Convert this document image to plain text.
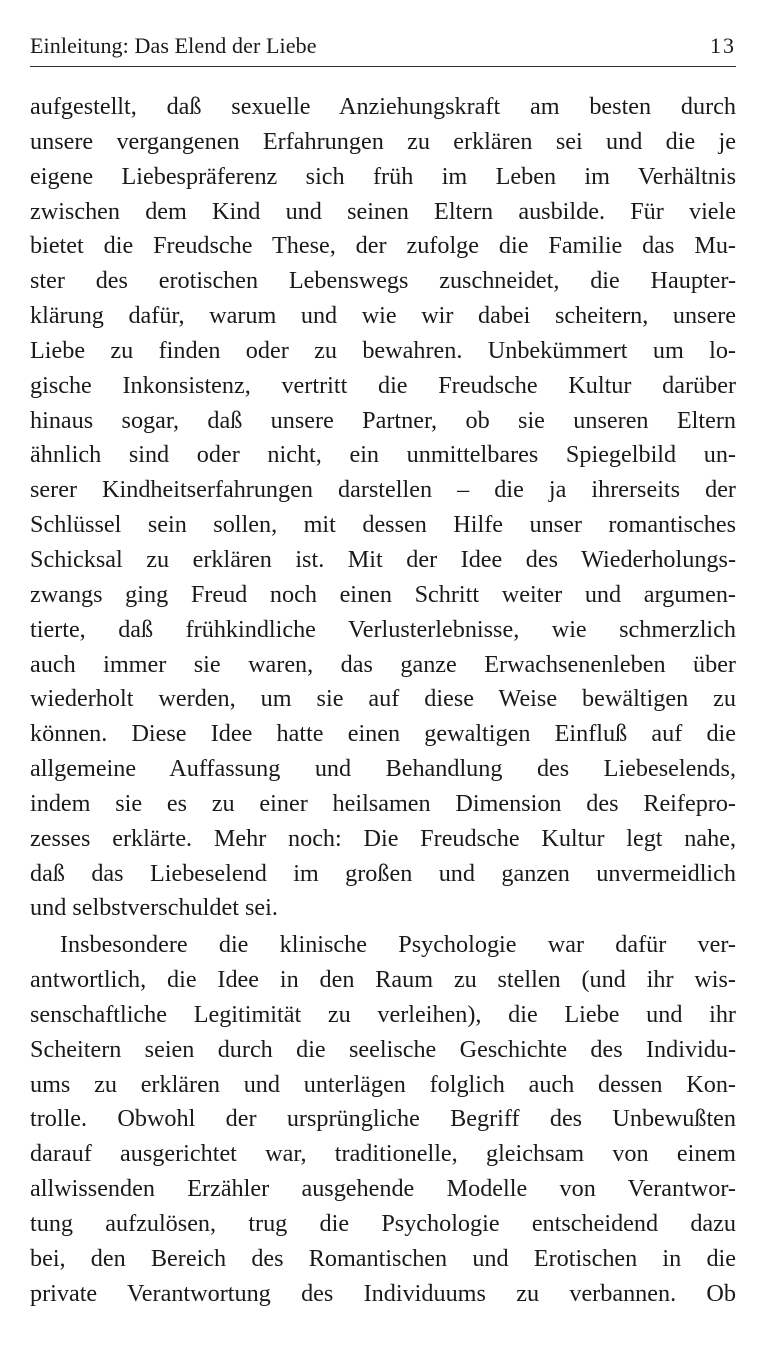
Einleitung: Das Elend der Liebe	13
aufgestellt, daß sexuelle Anziehungskraft am besten durch
unsere vergangenen Erfahrungen zu erklären sei und die je
eigene Liebespräferenz sich früh im Leben im Verhältnis
zwischen dem Kind und seinen Eltern ausbilde. Für viele
bietet die Freudsche These, der zufolge die Familie das Mu-
ster des erotischen Lebenswegs zuschneidet, die Haupter-
klärung dafür, warum und wie wir dabei scheitern, unsere
Liebe zu finden oder zu bewahren. Unbekümmert um lo-
gische Inkonsistenz, vertritt die Freudsche Kultur darüber
hinaus sogar, daß unsere Partner, ob sie unseren Eltern
ähnlich sind oder nicht, ein unmittelbares Spiegelbild un-
serer Kindheitserfahrungen darstellen – die ja ihrerseits der
Schlüssel sein sollen, mit dessen Hilfe unser romantisches
Schicksal zu erklären ist. Mit der Idee des Wiederholungs-
zwangs ging Freud noch einen Schritt weiter und argumen-
tierte, daß frühkindliche Verlusterlebnisse, wie schmerzlich
auch immer sie waren, das ganze Erwachsenenleben über
wiederholt werden, um sie auf diese Weise bewältigen zu
können. Diese Idee hatte einen gewaltigen Einfluß auf die
allgemeine Auffassung und Behandlung des Liebeselends,
indem sie es zu einer heilsamen Dimension des Reifepro-
zesses erklärte. Mehr noch: Die Freudsche Kultur legt nahe,
daß das Liebeselend im großen und ganzen unvermeidlich
und selbstverschuldet sei.
Insbesondere die klinische Psychologie war dafür ver-
antwortlich, die Idee in den Raum zu stellen (und ihr wis-
senschaftliche Legitimität zu verleihen), die Liebe und ihr
Scheitern seien durch die seelische Geschichte des Individu-
ums zu erklären und unterlägen folglich auch dessen Kon-
trolle. Obwohl der ursprüngliche Begriff des Unbewußten
darauf ausgerichtet war, traditionelle, gleichsam von einem
allwissenden Erzähler ausgehende Modelle von Verantwor-
tung aufzulösen, trug die Psychologie entscheidend dazu
bei, den Bereich des Romantischen und Erotischen in die
private Verantwortung des Individuums zu verbannen. Ob
